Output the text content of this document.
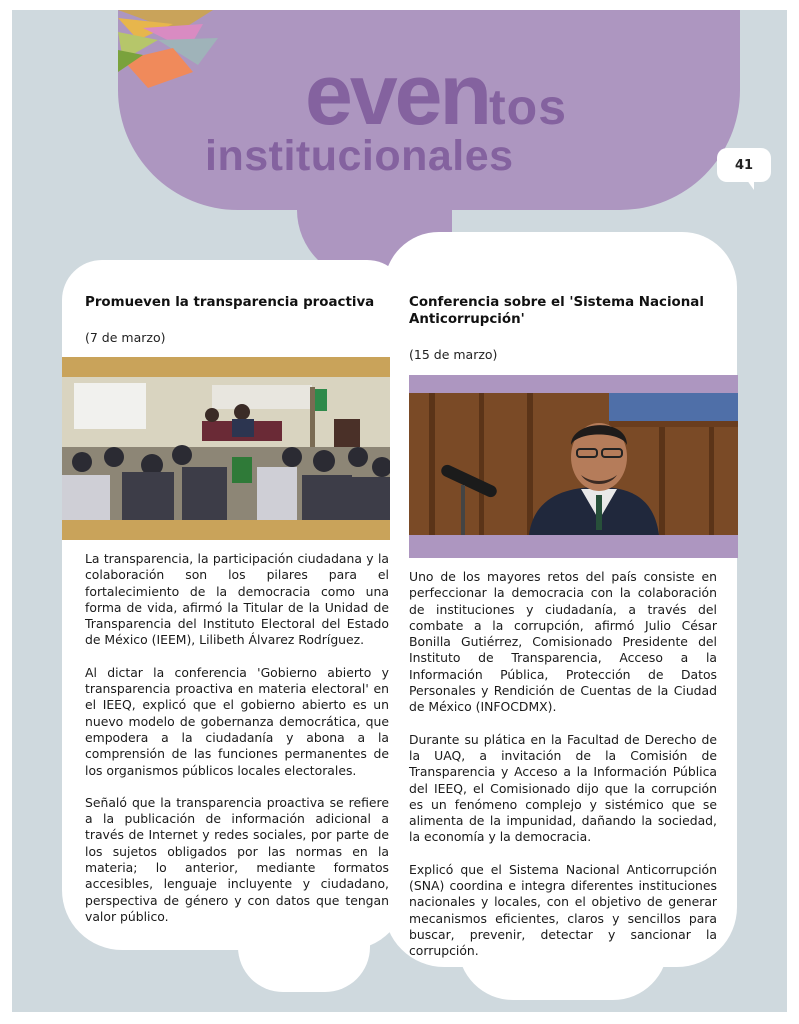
eventos
institucionales	41
Promueven la transparencia proactiva

(7 de marzo)

La transparencia, la participación ciudadana y la colaboración son los pilares para el fortalecimiento de la democracia como una forma de vida, afirmó la Titular de la Unidad de Transparencia del Instituto Electoral del Estado de México (IEEM), Lilibeth Álvarez Rodríguez.

Al dictar la conferencia 'Gobierno abierto y transparencia proactiva en materia electoral' en el IEEQ, explicó que el gobierno abierto es un nuevo modelo de gobernanza democrática, que empodera a la ciudadanía y abona a la comprensión de las funciones permanentes de los organismos públicos locales electorales.

Señaló que la transparencia proactiva se refiere a la publicación de información adicional a través de Internet y redes sociales, por parte de los sujetos obligados por las normas en la materia; lo anterior, mediante formatos accesibles, lenguaje incluyente y ciudadano, perspectiva de género y con datos que tengan valor público.

Conferencia sobre el 'Sistema Nacional Anticorrupción'

(15 de marzo)

Uno de los mayores retos del país consiste en perfeccionar la democracia con la colaboración de instituciones y ciudadanía, a través del combate a la corrupción, afirmó Julio César Bonilla Gutiérrez, Comisionado Presidente del Instituto de Transparencia, Acceso a la Información Pública, Protección de Datos Personales y Rendición de Cuentas de la Ciudad de México (INFOCDMX).

Durante su plática en la Facultad de Derecho de la UAQ, a invitación de la Comisión de Transparencia y Acceso a la Información Pública del IEEQ, el Comisionado dijo que la corrupción es un fenómeno complejo y sistémico que se alimenta de la impunidad, dañando la sociedad, la economía y la democracia.

Explicó que el Sistema Nacional Anticorrupción (SNA) coordina e integra diferentes instituciones nacionales y locales, con el objetivo de generar mecanismos eficientes, claros y sencillos para buscar, prevenir, detectar y sancionar la corrupción.
